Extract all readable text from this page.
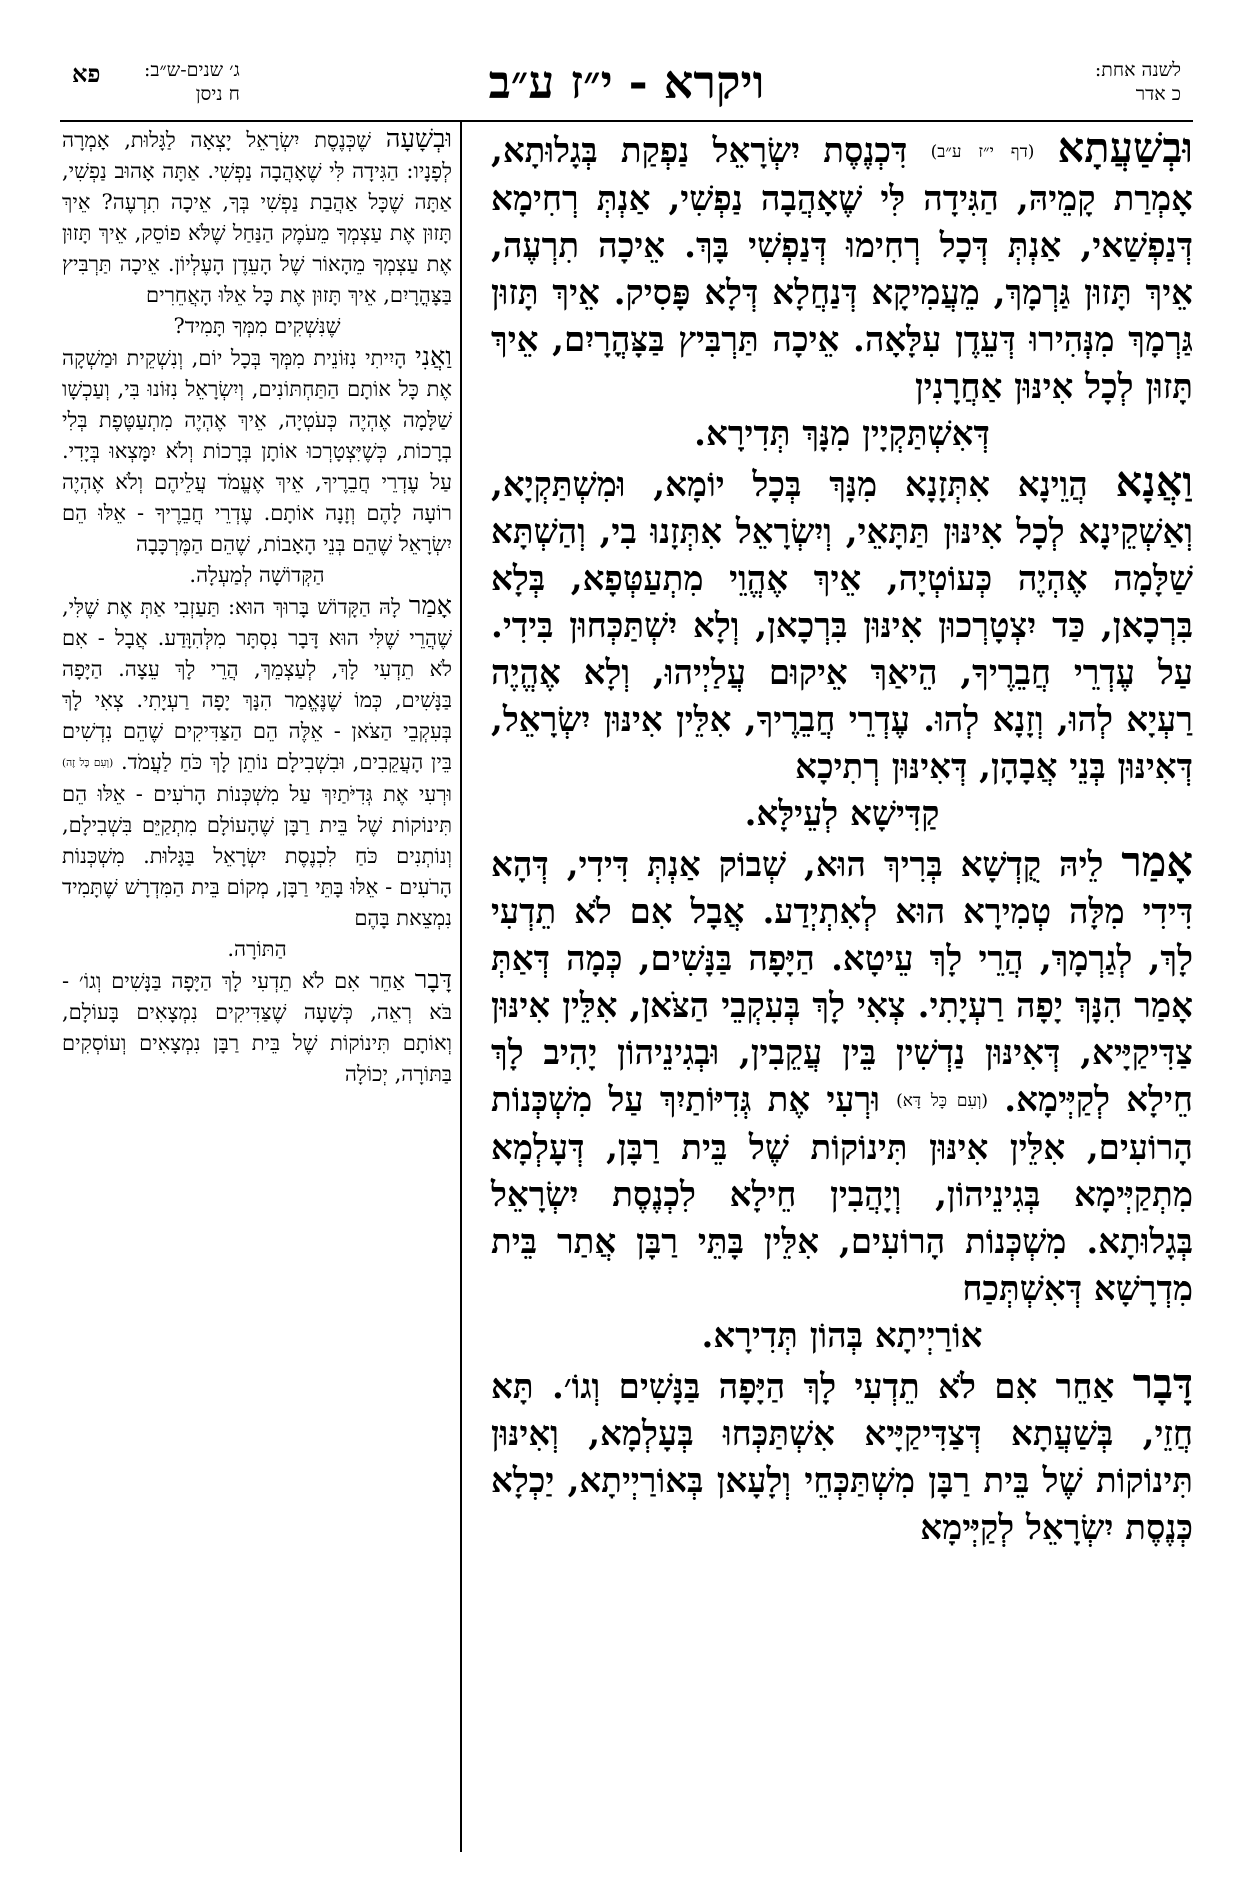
לשנה אחת:
כ אדר
ויקרא - י״ז ע״ב
ג׳ שנים-ש״ב:
ח ניסן
פא

וּבְשַׁעֲתָא (דף י״ז ע״ב) דִּכְנֶסֶת יִשְׂרָאֵל נַפְקַת בְּגָלוּתָא, אָמְרַת קָמֵיהּ, הַגִּידָה לִּי שֶׁאָהֲבָה נַפְשִׁי, אַנְתְּ רְחִימָא דְּנַפְשַׁאי, אַנְתְּ דְּכָל רְחִימוּ דְּנַפְשִׁי בָּךְ. אֵיכָה תִרְעֶה, אֵיךְ תָּזוּן גַּרְמָךְ, מֵעֲמִיקָא דְּנַחֲלָא דְּלָא פָּסִיק. אֵיךְ תָּזוּן גַּרְמָךְ מִנְּהִירוּ דְּעֵדֶן עִלָּאָה. אֵיכָה תַּרְבִּיץ בַּצָּהֳרָיִם, אֵיךְ תָּזוּן לְכָל אִינּוּן אַחֲרָנִין
דְּאִשְׁתַּקְיָין מִנָּךְ תְּדִירָא.

וַאֲנָא הֲוֵינָא אִתְּזָנָא מִנָּךְ בְּכָל יוֹמָא, וּמִשְׁתַּקְיָא, וְאַשְׁקֵינָא לְכָל אִינּוּן תַּתָּאֵי, וְיִשְׂרָאֵל אִתְּזָנוּ בִי, וְהַשְׁתָּא שַׁלָּמָה אֶהְיֶה כְּעוֹטְיָה, אֵיךְ אֶהֱוֵי מִתְעַטְּפָא, בְּלָא בִּרְכָאן, כַּד יִצְטָרְכוּן אִינּוּן בִּרְכָאן, וְלָא יִשְׁתַּכְּחוּן בִּידִי. עַל עֶדְרֵי חֲבֵרֶיךָ, הֵיאַךְ אֵיקוּם עֲלַיְיהוּ, וְלָא אֶהֱיֶה רַעְיָא לְהוּ, וְזָנָא לְהוּ. עֶדְרֵי חֲבֵרֶיךָ, אִלֵּין אִינּוּן יִשְׂרָאֵל, דְּאִינּוּן בְּנֵי אֲבָהָן, דְּאִינּוּן רְתִיכָא
קַדִּישָׁא לְעֵילָּא.

אָמַר לֵיהּ קֻדְשָׁא בְּרִיךְ הוּא, שְׁבוֹק אַנְתְּ דִּידִי, דְּהָא דִּידִי מִלָּה טְמִירָא הוּא לְאִתְיְדַע. אֲבָל אִם לֹא תֵדְעִי לָךְ, לְגַרְמָךְ, הֲרֵי לָךְ עֵיטָא. הַיָּפָה בַּנָּשִׁים, כְּמָה דְּאַתְּ אָמַר הִנָּךְ יָפָה רַעְיָתִי. צְאִי לָךְ בְּעִקְבֵי הַצֹּאן, אִלֵּין אִינּוּן צַדִּיקַיָּיא, דְּאִינּוּן נַדְשִׁין בֵּין עֲקֵבִין, וּבְגִינֵיהוֹן יָהִיב לָךְ חֵילָא לְקַיְּימָא. (וְעִם כָּל דָּא) וּרְעִי אֶת גְּדִיּוֹתַיִךְ עַל מִשְׁכְּנוֹת הָרוֹעִים, אִלֵּין אִינּוּן תִּינוֹקוֹת שֶׁל בֵּית רַבָּן, דְּעָלְמָא מִתְקַיְּימָא בְּגִינֵיהוֹן, וְיָהֲבִין חֵילָא לִכְנֶסֶת יִשְׂרָאֵל בְּגָלוּתָא. מִשְׁכְּנוֹת הָרוֹעִים, אִלֵּין בָּתֵּי רַבָּן אֲתַר בֵּית מִדְרָשָׁא דְּאִשְׁתְּכַח
אוֹרַיְיתָא בְּהוֹן תְּדִירָא.

דָּבָר אַחֵר אִם לֹא תֵדְעִי לָךְ הַיָּפָה בַּנָּשִׁים וְגוֹ׳. תָּא חֲזֵי, בְּשַׁעֲתָא דְּצַדִּיקַיָּיא אִשְׁתַּכְּחוּ בְּעָלְמָא, וְאִינּוּן תִּינוֹקוֹת שֶׁל בֵּית רַבָּן מִשְׁתַּכְּחֵי וְלָעָאן בְּאוֹרַיְיתָא, יַכְלָא כְּנֶסֶת יִשְׂרָאֵל לְקַיְּימָא

וּבְשָׁעָה שֶׁכְּנֶסֶת יִשְׂרָאֵל יָצְאָה לַגָּלוּת, אָמְרָה לְפָנָיו: הַגִּידָה לִּי שֶׁאָהֲבָה נַפְשִׁי. אַתָּה אָהוּב נַפְשִׁי, אַתָּה שֶׁכָּל אַהֲבַת נַפְשִׁי בְּךָ, אֵיכָה תִרְעֶה? אֵיךְ תָּזוּן אֶת עַצְמְךָ מֵעֹמֶק הַנַּחַל שֶׁלֹּא פוֹסֵק, אֵיךְ תָּזוּן אֶת עַצְמְךָ מֵהָאוֹר שֶׁל הָעֵדֶן הָעֶלְיוֹן. אֵיכָה תַּרְבִּיץ בַּצָּהֳרָיִם, אֵיךְ תָּזוּן אֶת כָּל אֵלּוּ הָאֲחֵרִים
שֶׁנִּשְׁקִים מִמְּךָ תָּמִיד?

וַאֲנִי הָיִיתִי נִזּוֹנֵית מִמְּךָ בְּכָל יוֹם, וְנִשְׁקֵית וּמַשְׁקָה אֶת כָּל אוֹתָם הַתַּחְתּוֹנִים, וְיִשְׂרָאֵל נִזּוֹנוּ בִּי, וְעַכְשָׁו שַׁלָּמָה אֶהְיֶה כְּעֹטְיָה, אֵיךְ אֶהְיֶה מִתְעַטֶּפֶת בְּלִי בְרָכוֹת, כְּשֶׁיִּצְטָרְכוּ אוֹתָן בְּרָכוֹת וְלֹא יִמָּצְאוּ בְּיָדִי. עַל עֶדְרֵי חֲבֵרֶיךָ, אֵיךְ אֶעֱמֹד עֲלֵיהֶם וְלֹא אֶהְיֶה רוֹעָה לָהֶם וְזָנָה אוֹתָם. עֶדְרֵי חֲבֵרֶיךָ - אֵלּוּ הֵם יִשְׂרָאֵל שֶׁהֵם בְּנֵי הָאָבוֹת, שֶׁהֵם הַמֶּרְכָּבָה
הַקְּדוֹשָׁה לְמַעְלָה.

אָמַר לָהּ הַקָּדוֹשׁ בָּרוּךְ הוּא: תַּעַזְבִי אַתְּ אֶת שֶׁלִּי, שֶׁהֲרֵי שֶׁלִּי הוּא דָּבָר נִסְתָּר מִלְּהִוָּדַע. אֲבָל - אִם לֹא תֵדְעִי לָךְ, לְעַצְמֵךְ, הֲרֵי לָךְ עֵצָה. הַיָּפָה בַּנָּשִׁים, כְּמוֹ שֶׁנֶּאֱמַר הִנָּךְ יָפָה רַעְיָתִי. צְאִי לָךְ בְּעִקְבֵי הַצֹּאן - אֵלֶּה הֵם הַצַּדִּיקִים שֶׁהֵם נִדְשִׁים בֵּין הָעֲקֵבִים, וּבִשְׁבִילָם נוֹתֵן לָךְ כֹּחַ לַעֲמֹד. (וְעִם כָּל זֶה) וּרְעִי אֶת גְּדִיֹּתַיִךְ עַל מִשְׁכְּנוֹת הָרֹעִים - אֵלּוּ הֵם תִּינוֹקוֹת שֶׁל בֵּית רַבָּן שֶׁהָעוֹלָם מִתְקַיֵּם בִּשְׁבִילָם, וְנוֹתְנִים כֹּחַ לִכְנֶסֶת יִשְׂרָאֵל בַּגָּלוּת. מִשְׁכְּנוֹת הָרֹעִים - אֵלּוּ בָּתֵּי רַבָּן, מְקוֹם בֵּית הַמִּדְרָשׁ שֶׁתָּמִיד נִמְצֵאת בָּהֶם
הַתּוֹרָה.

דָּבָר אַחֵר אִם לֹא תֵדְעִי לָךְ הַיָּפָה בַּנָּשִׁים וְגוֹ׳ - בֹּא רְאֵה, כְּשָׁעָה שֶׁצַּדִּיקִים נִמְצָאִים בָּעוֹלָם, וְאוֹתָם תִּינוֹקוֹת שֶׁל בֵּית רַבָּן נִמְצָאִים וְעוֹסְקִים בַּתּוֹרָה, יְכוֹלָה
